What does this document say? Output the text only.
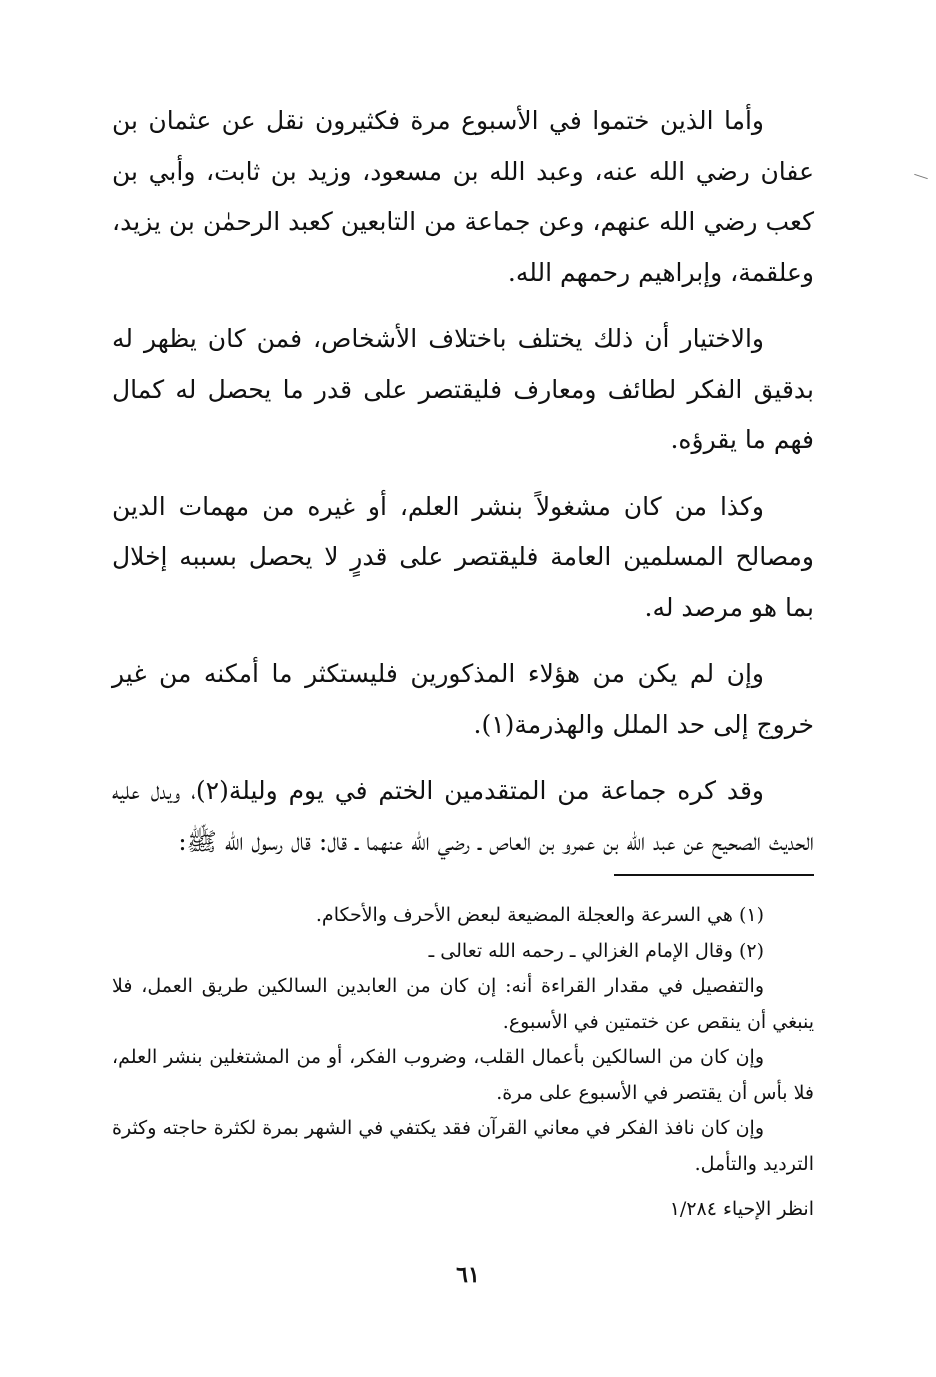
وأما الذين ختموا في الأسبوع مرة فكثيرون نقل عن عثمان بن عفان رضي الله عنه، وعبد الله بن مسعود، وزيد بن ثابت، وأبي بن كعب رضي الله عنهم، وعن جماعة من التابعين كعبد الرحمٰن بن يزيد، وعلقمة، وإبراهيم رحمهم الله.

والاختيار أن ذلك يختلف باختلاف الأشخاص، فمن كان يظهر له بدقيق الفكر لطائف ومعارف فليقتصر على قدر ما يحصل له كمال فهم ما يقرؤه.

وكذا من كان مشغولاً بنشر العلم، أو غيره من مهمات الدين ومصالح المسلمين العامة فليقتصر على قدرٍ لا يحصل بسببه إخلال بما هو مرصد له.

وإن لم يكن من هؤلاء المذكورين فليستكثر ما أمكنه من غير خروج إلى حد الملل والهذرمة(١).

وقد كره جماعة من المتقدمين الختم في يوم وليلة(٢)، ويدل عليه الحديث الصحيح عن عبد الله بن عمرو بن العاص ـ رضي الله عنهما ـ قال: قال رسول الله ﷺ:

(١) هي السرعة والعجلة المضيعة لبعض الأحرف والأحكام.

(٢) وقال الإمام الغزالي ـ رحمه الله تعالى ـ

والتفصيل في مقدار القراءة أنه: إن كان من العابدين السالكين طريق العمل، فلا ينبغي أن ينقص عن ختمتين في الأسبوع.

وإن كان من السالكين بأعمال القلب، وضروب الفكر، أو من المشتغلين بنشر العلم، فلا بأس أن يقتصر في الأسبوع على مرة.

وإن كان نافذ الفكر في معاني القرآن فقد يكتفي في الشهر بمرة لكثرة حاجته وكثرة الترديد والتأمل.

انظر الإحياء ١/٢٨٤

٦١
